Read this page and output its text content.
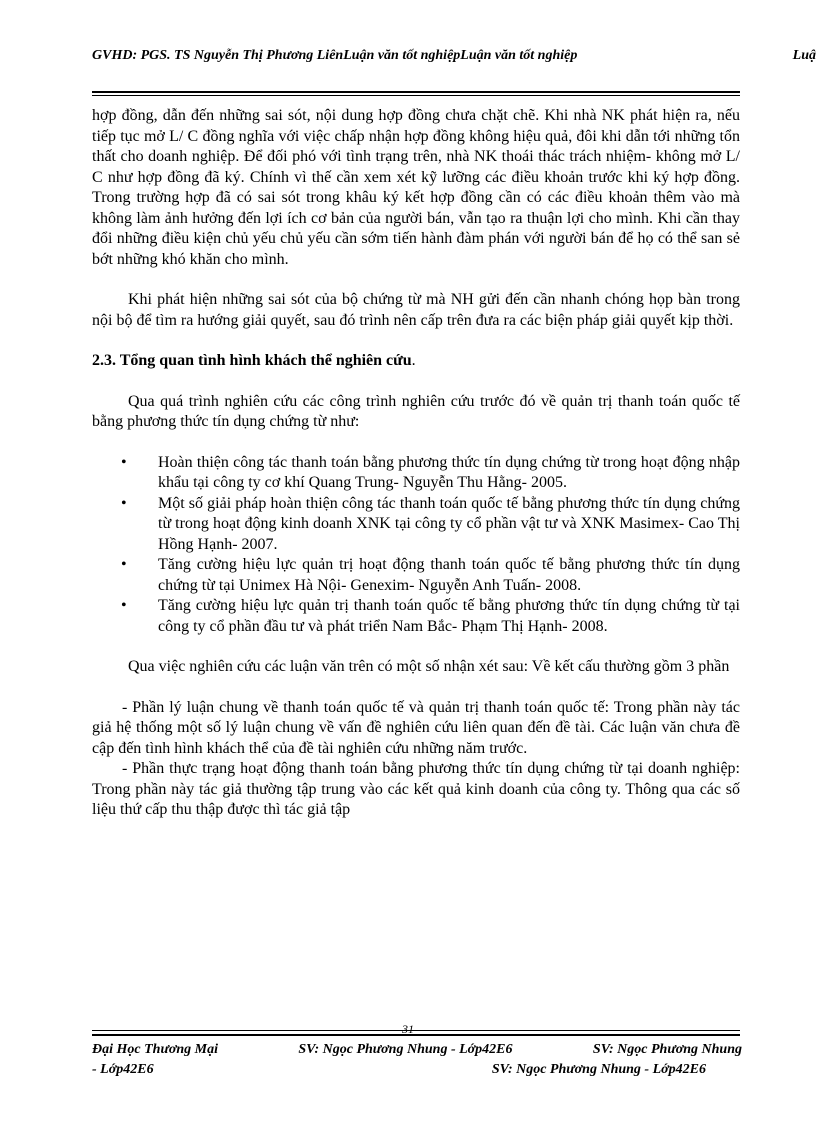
GVHD: PGS. TS Nguyễn Thị Phương LiênLuận văn tốt nghiệpLuận văn tốt nghiệp	Luậ

hợp đồng, dẫn đến những sai sót, nội dung hợp đồng chưa chặt chẽ. Khi nhà NK phát hiện ra, nếu tiếp tục mở L/ C đồng nghĩa với việc chấp nhận hợp đồng không hiệu quả, đôi khi dẫn tới những tổn thất cho doanh nghiệp. Để đối phó với tình trạng trên, nhà NK thoái thác trách nhiệm- không mở L/ C như hợp đồng đã ký. Chính vì thế cần xem xét kỹ lưỡng các điều khoản trước khi ký hợp đồng. Trong trường hợp đã có sai sót trong khâu ký kết hợp đồng cần có các điều khoản thêm vào mà không làm ảnh hưởng đến lợi ích cơ bản của người bán, vẫn tạo ra thuận lợi cho mình. Khi cần thay đổi những điều kiện chủ yếu chủ yếu cần sớm tiến hành đàm phán với người bán để họ có thể san sẻ bớt những khó khăn cho mình.

Khi phát hiện những sai sót của bộ chứng từ mà NH gửi đến cần nhanh chóng họp bàn trong nội bộ để tìm ra hướng giải quyết, sau đó trình nên cấp trên đưa ra các biện pháp giải quyết kịp thời.

2.3. Tổng quan tình hình khách thể nghiên cứu.

Qua quá trình nghiên cứu các công trình nghiên cứu trước đó về quản trị thanh toán quốc tế bằng phương thức tín dụng chứng từ như:

• Hoàn thiện công tác thanh toán bằng phương thức tín dụng chứng từ trong hoạt động nhập khẩu tại công ty cơ khí Quang Trung- Nguyễn Thu Hằng- 2005.
• Một số giải pháp hoàn thiện công tác thanh toán quốc tế bằng phương thức tín dụng chứng từ trong hoạt động kinh doanh XNK tại công ty cổ phần vật tư và XNK Masimex- Cao Thị Hồng Hạnh- 2007.
• Tăng cường hiệu lực quản trị hoạt động thanh toán quốc tế bằng phương thức tín dụng chứng từ tại Unimex Hà Nội- Genexim- Nguyễn Anh Tuấn- 2008.
• Tăng cường hiệu lực quản trị thanh toán quốc tế bằng phương thức tín dụng chứng từ tại công ty cổ phần đầu tư và phát triển Nam Bắc- Phạm Thị Hạnh- 2008.

Qua việc nghiên cứu các luận văn trên có một số nhận xét sau: Về kết cấu thường gồm 3 phần

- Phần lý luận chung về thanh toán quốc tế và quản trị thanh toán quốc tế: Trong phần này tác giả hệ thống một số lý luận chung về vấn đề nghiên cứu liên quan đến đề tài. Các luận văn chưa đề cập đến tình hình khách thể của đề tài nghiên cứu những năm trước.

- Phần thực trạng hoạt động thanh toán bằng phương thức tín dụng chứng từ tại doanh nghiệp: Trong phần này tác giả thường tập trung vào các kết quả kinh doanh của công ty. Thông qua các số liệu thứ cấp thu thập được thì tác giả tập

31
Đại Học Thương Mại	SV: Ngọc Phương Nhung - Lớp42E6	SV: Ngọc Phương Nhung
- Lớp42E6	SV: Ngọc Phương Nhung - Lớp42E6
